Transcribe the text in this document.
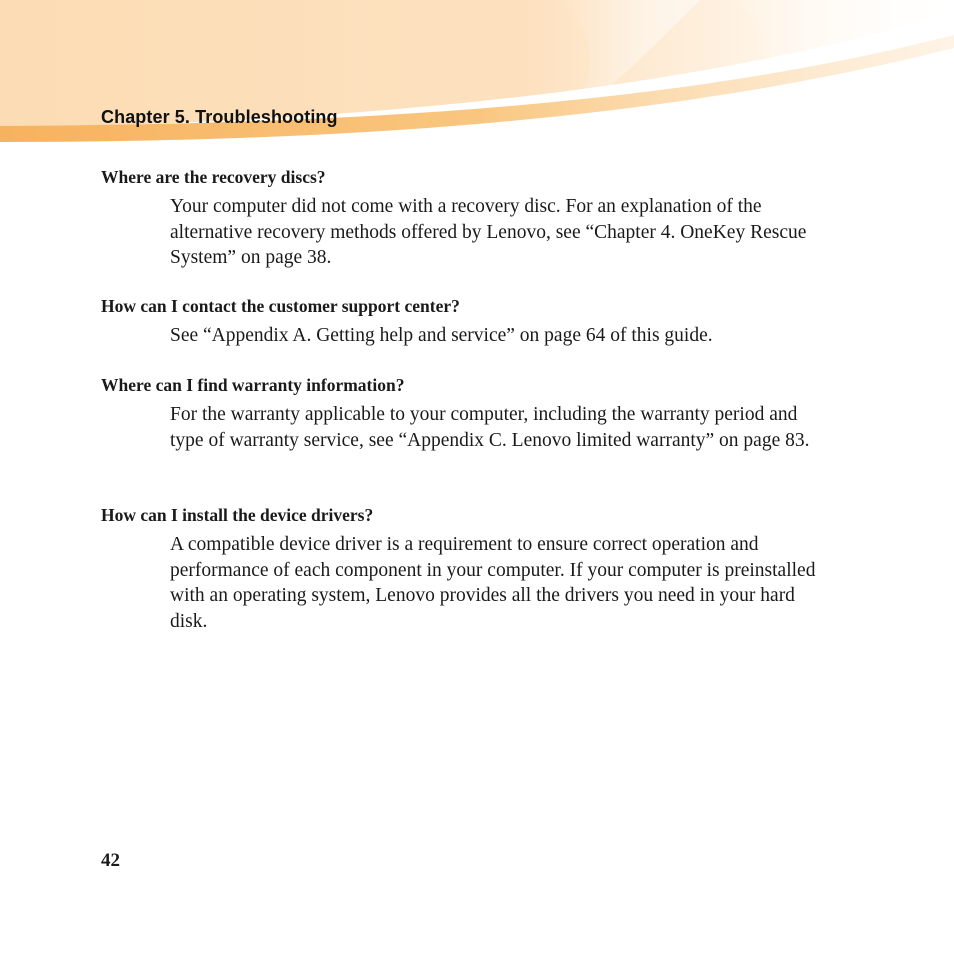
Chapter 5. Troubleshooting

Where are the recovery discs?

Your computer did not come with a recovery disc. For an explanation of the alternative recovery methods offered by Lenovo, see “Chapter 4. OneKey Rescue System” on page 38.

How can I contact the customer support center?

See “Appendix A. Getting help and service” on page 64 of this guide.

Where can I find warranty information?

For the warranty applicable to your computer, including the warranty period and type of warranty service, see “Appendix C. Lenovo limited warranty” on page 83.

How can I install the device drivers?

A compatible device driver is a requirement to ensure correct operation and performance of each component in your computer. If your computer is preinstalled with an operating system, Lenovo provides all the drivers you need in your hard disk.

42
